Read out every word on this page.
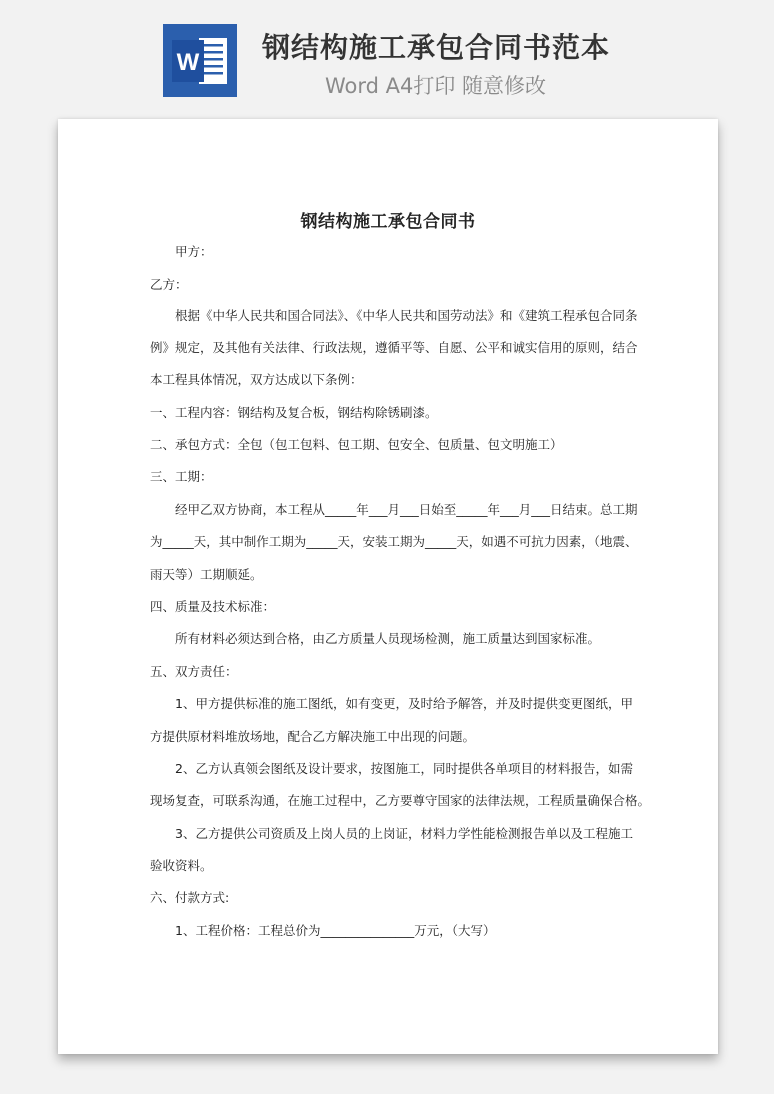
W 钢结构施工承包合同书范本
Word A4打印 随意修改
钢结构施工承包合同书
甲方：
乙方：
根据《中华人民共和国合同法》、《中华人民共和国劳动法》和《建筑工程承包合同条
例》规定，及其他有关法律、行政法规，遵循平等、自愿、公平和诚实信用的原则，结合
本工程具体情况，双方达成以下条例：
一、工程内容：钢结构及复合板，钢结构除锈刷漆。
二、承包方式：全包（包工包料、包工期、包安全、包质量、包文明施工）
三、工期：
经甲乙双方协商，本工程从_____年___月___日始至_____年___月___日结束。总工期
为_____天，其中制作工期为_____天，安装工期为_____天，如遇不可抗力因素，（地震、
雨天等）工期顺延。
四、质量及技术标准：
所有材料必须达到合格，由乙方质量人员现场检测，施工质量达到国家标准。
五、双方责任：
1、甲方提供标准的施工图纸，如有变更，及时给予解答，并及时提供变更图纸，甲
方提供原材料堆放场地，配合乙方解决施工中出现的问题。
2、乙方认真领会图纸及设计要求，按图施工，同时提供各单项目的材料报告，如需
现场复查，可联系沟通，在施工过程中，乙方要尊守国家的法律法规，工程质量确保合格。
3、乙方提供公司资质及上岗人员的上岗证，材料力学性能检测报告单以及工程施工
验收资料。
六、付款方式:
1、工程价格：工程总价为_______________万元，（大写）
